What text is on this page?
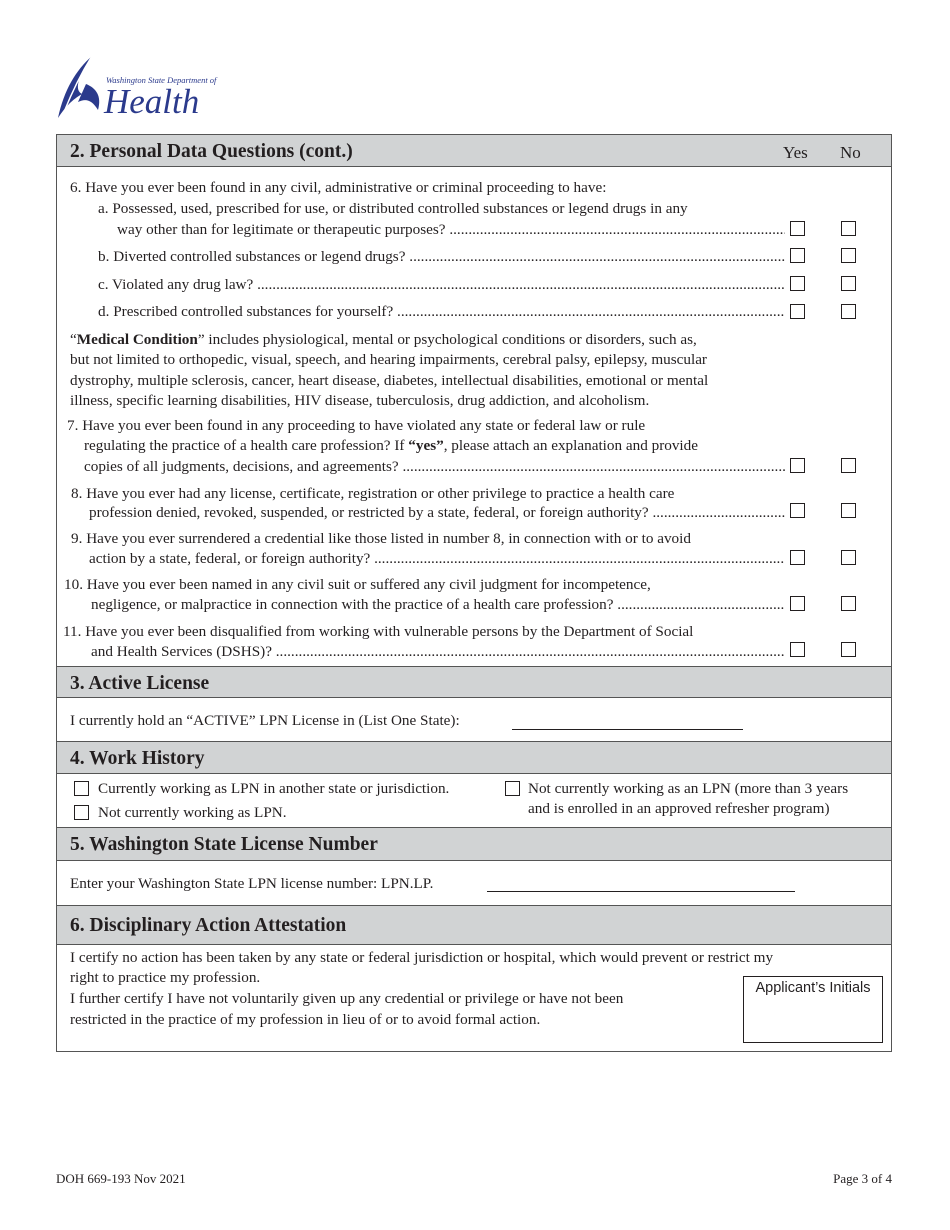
Washington State Department of
Health
2. Personal Data Questions (cont.)	Yes No
6. Have you ever been found in any civil, administrative or criminal proceeding to have:
a. Possessed, used, prescribed for use, or distributed controlled substances or legend drugs in any
way other than for legitimate or therapeutic purposes? .....
b. Diverted controlled substances or legend drugs? .....
c. Violated any drug law? .....
d. Prescribed controlled substances for yourself? .....
“Medical Condition” includes physiological, mental or psychological conditions or disorders, such as,
but not limited to orthopedic, visual, speech, and hearing impairments, cerebral palsy, epilepsy, muscular
dystrophy, multiple sclerosis, cancer, heart disease, diabetes, intellectual disabilities, emotional or mental
illness, specific learning disabilities, HIV disease, tuberculosis, drug addiction, and alcoholism.
7. Have you ever been found in any proceeding to have violated any state or federal law or rule
regulating the practice of a health care profession? If “yes”, please attach an explanation and provide
copies of all judgments, decisions, and agreements? .....
8. Have you ever had any license, certificate, registration or other privilege to practice a health care
profession denied, revoked, suspended, or restricted by a state, federal, or foreign authority? .....
9. Have you ever surrendered a credential like those listed in number 8, in connection with or to avoid
action by a state, federal, or foreign authority? .....
10. Have you ever been named in any civil suit or suffered any civil judgment for incompetence,
negligence, or malpractice in connection with the practice of a health care profession? .....
11. Have you ever been disqualified from working with vulnerable persons by the Department of Social
and Health Services (DSHS)? .....
3. Active License
I currently hold an “ACTIVE” LPN License in (List One State):
4. Work History
Currently working as LPN in another state or jurisdiction.
Not currently working as LPN.
Not currently working as an LPN (more than 3 years
and is enrolled in an approved refresher program)
5. Washington State License Number
Enter your Washington State LPN license number: LPN.LP.
6. Disciplinary Action Attestation
I certify no action has been taken by any state or federal jurisdiction or hospital, which would prevent or restrict my
right to practice my profession.
I further certify I have not voluntarily given up any credential or privilege or have not been
restricted in the practice of my profession in lieu of or to avoid formal action.
Applicant’s Initials
DOH 669-193 Nov 2021	Page 3 of 4
